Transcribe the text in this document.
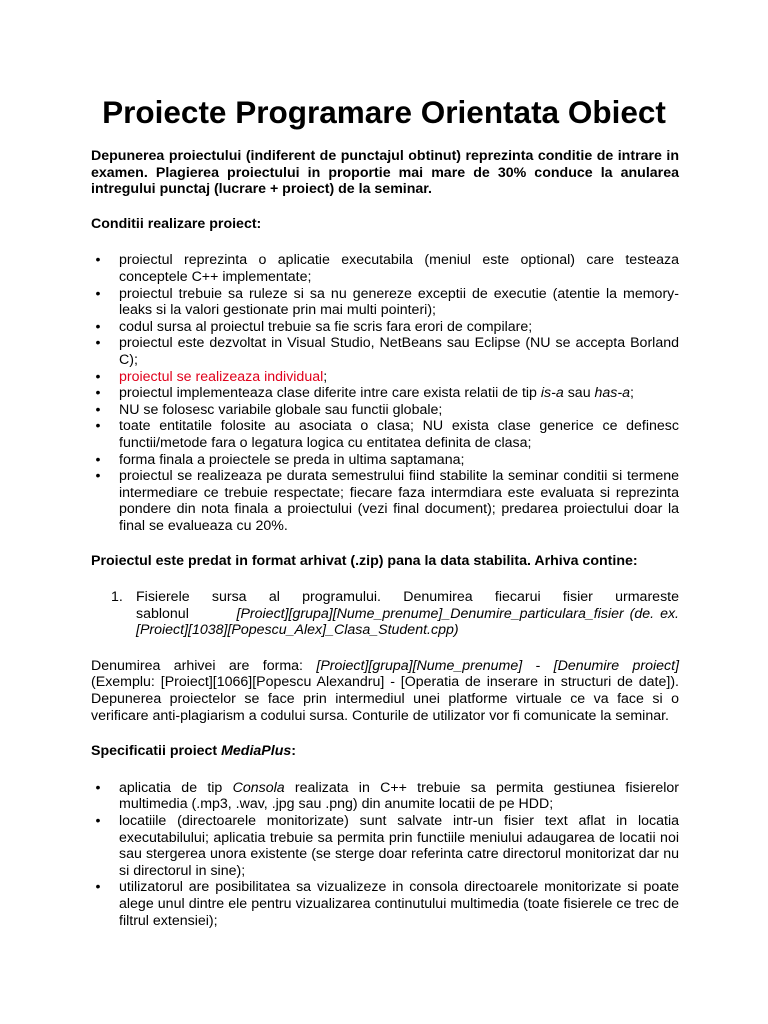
Proiecte Programare Orientata Obiect

Depunerea proiectului (indiferent de punctajul obtinut) reprezinta conditie de intrare in examen. Plagierea proiectului in proportie mai mare de 30% conduce la anularea intregului punctaj (lucrare + proiect) de la seminar.

Conditii realizare proiect:

•	proiectul reprezinta o aplicatie executabila (meniul este optional) care testeaza conceptele C++ implementate;
•	proiectul trebuie sa ruleze si sa nu genereze exceptii de executie (atentie la memory-leaks si la valori gestionate prin mai multi pointeri);
•	codul sursa al proiectul trebuie sa fie scris fara erori de compilare;
•	proiectul este dezvoltat in Visual Studio, NetBeans sau Eclipse (NU se accepta Borland C);
•	proiectul se realizeaza individual;
•	proiectul implementeaza clase diferite intre care exista relatii de tip is-a sau has-a;
•	NU se folosesc variabile globale sau functii globale;
•	toate entitatile folosite au asociata o clasa; NU exista clase generice ce definesc functii/metode fara o legatura logica cu entitatea definita de clasa;
•	forma finala a proiectele se preda in ultima saptamana;
•	proiectul se realizeaza pe durata semestrului fiind stabilite la seminar conditii si termene intermediare ce trebuie respectate; fiecare faza intermdiara este evaluata si reprezinta pondere din nota finala a proiectului (vezi final document); predarea proiectului doar la final se evalueaza cu 20%.

Proiectul este predat in format arhivat (.zip) pana la data stabilita. Arhiva contine:

1. Fisierele sursa al programului. Denumirea fiecarui fisier urmareste
sablonul	[Proiect][grupa][Nume_prenume]_Denumire_particulara_fisier (de. ex.
[Proiect][1038][Popescu_Alex]_Clasa_Student.cpp)

Denumirea arhivei are forma: [Proiect][grupa][Nume_prenume] - [Denumire proiect] (Exemplu: [Proiect][1066][Popescu Alexandru] - [Operatia de inserare in structuri de date]). Depunerea proiectelor se face prin intermediul unei platforme virtuale ce va face si o verificare anti-plagiarism a codului sursa. Conturile de utilizator vor fi comunicate la seminar.

Specificatii proiect MediaPlus:

•	aplicatia de tip Consola realizata in C++ trebuie sa permita gestiunea fisierelor multimedia (.mp3, .wav, .jpg sau .png) din anumite locatii de pe HDD;
•	locatiile (directoarele monitorizate) sunt salvate intr-un fisier text aflat in locatia executabilului; aplicatia trebuie sa permita prin functiile meniului adaugarea de locatii noi sau stergerea unora existente (se sterge doar referinta catre directorul monitorizat dar nu si directorul in sine);
•	utilizatorul are posibilitatea sa vizualizeze in consola directoarele monitorizate si poate alege unul dintre ele pentru vizualizarea continutului multimedia (toate fisierele ce trec de filtrul extensiei);
